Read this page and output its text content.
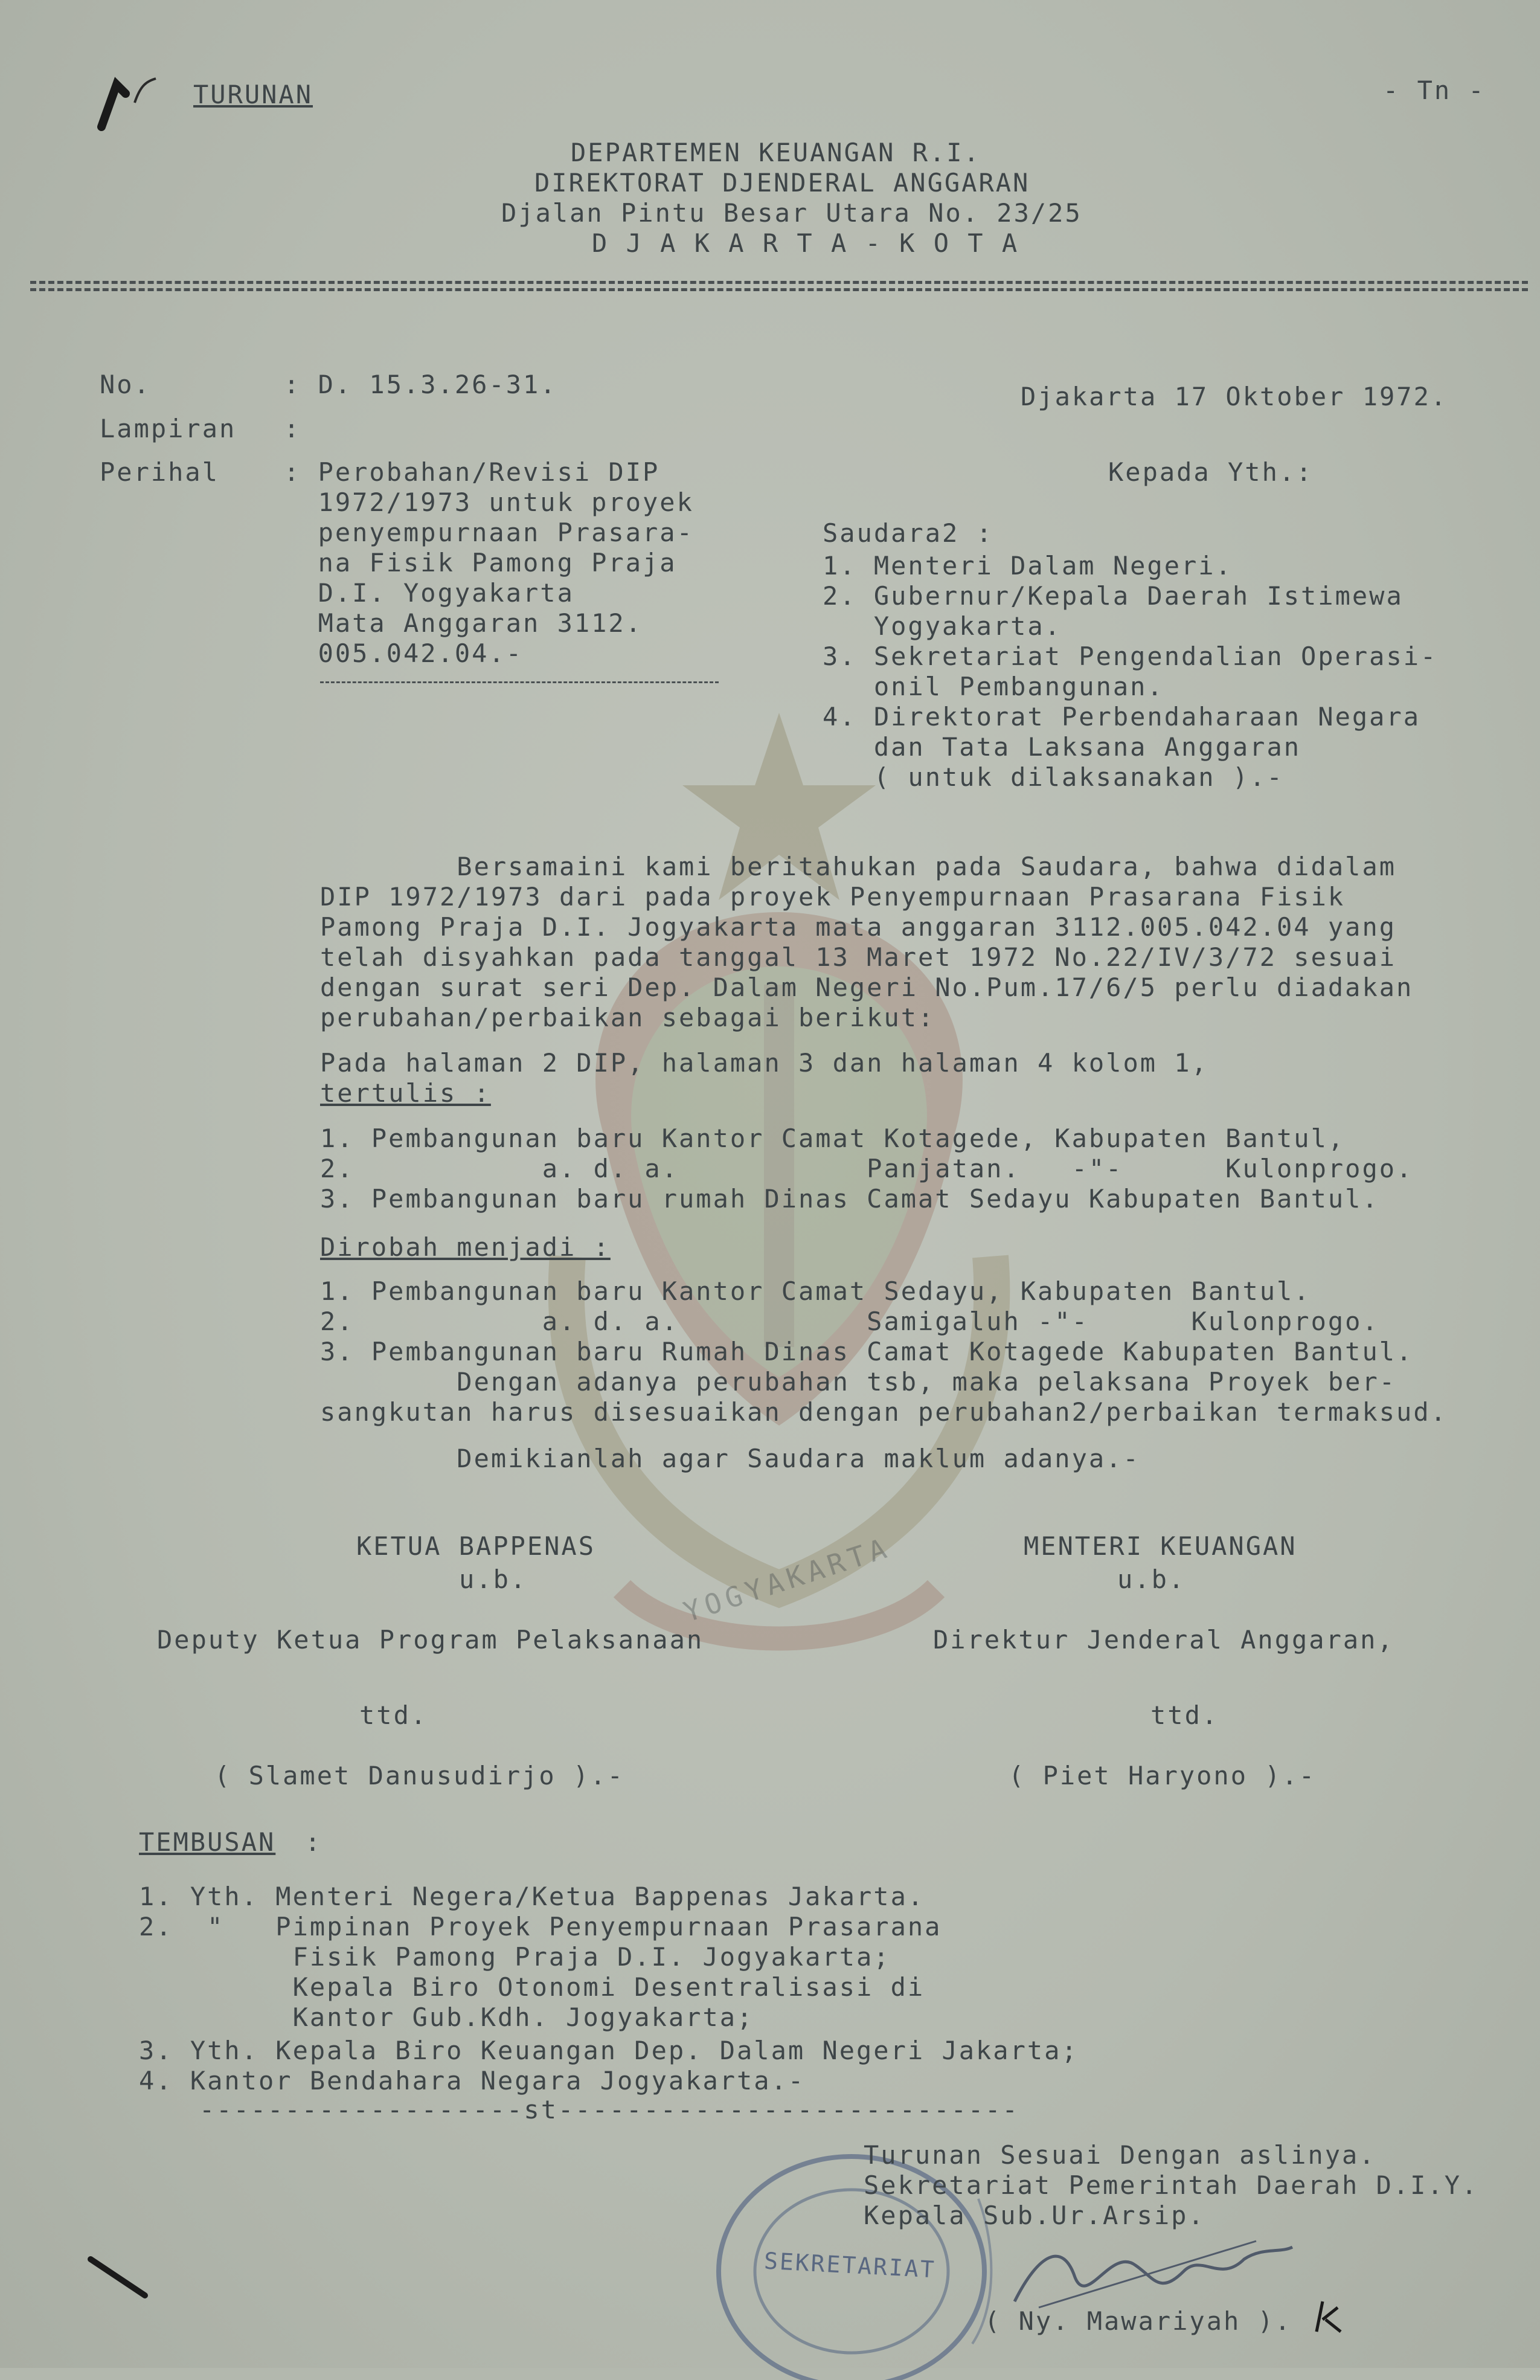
YOGYAKARTA
TURUNAN	- Tn -
DEPARTEMEN KEUANGAN R.I.
DIREKTORAT DJENDERAL ANGGARAN
Djalan Pintu Besar Utara No. 23/25
D J A K A R T A - K O T A
No.	: D. 15.3.26-31.
Lampiran :
Perihal	: Perobahan/Revisi DIP
1972/1973 untuk proyek
penyempurnaan Prasara-
na Fisik Pamong Praja
D.I. Yogyakarta
Mata Anggaran 3112.
005.042.04.-
Djakarta 17 Oktober 1972.
Kepada Yth.:
Saudara2 :
1. Menteri Dalam Negeri.
2. Gubernur/Kepala Daerah Istimewa
Yogyakarta.
3. Sekretariat Pengendalian Operasi-
onil Pembangunan.
4. Direktorat Perbendaharaan Negara
dan Tata Laksana Anggaran
( untuk dilaksanakan ).-
Bersamaini kami beritahukan pada Saudara, bahwa didalam
DIP 1972/1973 dari pada proyek Penyempurnaan Prasarana Fisik
Pamong Praja D.I. Jogyakarta mata anggaran 3112.005.042.04 yang
telah disyahkan pada tanggal 13 Maret 1972 No.22/IV/3/72 sesuai
dengan surat seri Dep. Dalam Negeri No.Pum.17/6/5 perlu diadakan
perubahan/perbaikan sebagai berikut:
Pada halaman 2 DIP, halaman 3 dan halaman 4 kolom 1,
tertulis :
1. Pembangunan baru Kantor Camat Kotagede, Kabupaten Bantul,
2.           a. d. a.           Panjatan.   -"-      Kulonprogo.
3. Pembangunan baru rumah Dinas Camat Sedayu Kabupaten Bantul.
Dirobah menjadi :
1. Pembangunan baru Kantor Camat Sedayu, Kabupaten Bantul.
2.           a. d. a.           Samigaluh -"-      Kulonprogo.
3. Pembangunan baru Rumah Dinas Camat Kotagede Kabupaten Bantul.
Dengan adanya perubahan tsb, maka pelaksana Proyek ber-
sangkutan harus disesuaikan dengan perubahan2/perbaikan termaksud.
Demikianlah agar Saudara maklum adanya.-
KETUA BAPPENAS
u.b.
Deputy Ketua Program Pelaksanaan
ttd.
( Slamet Danusudirjo ).-
MENTERI KEUANGAN
u.b.
Direktur Jenderal Anggaran,
ttd.
( Piet Haryono ).-
TEMBUSAN :
1. Yth. Menteri Negera/Ketua Bappenas Jakarta.
2.  "   Pimpinan Proyek Penyempurnaan Prasarana
Fisik Pamong Praja D.I. Jogyakarta;
Kepala Biro Otonomi Desentralisasi di
Kantor Gub.Kdh. Jogyakarta;
3. Yth. Kepala Biro Keuangan Dep. Dalam Negeri Jakarta;
4. Kantor Bendahara Negara Jogyakarta.-
-------------------st---------------------------
SEKRETARIAT
Turunan Sesuai Dengan aslinya.
Sekretariat Pemerintah Daerah D.I.Y.
Kepala Sub.Ur.Arsip.
( Ny. Mawariyah ).
